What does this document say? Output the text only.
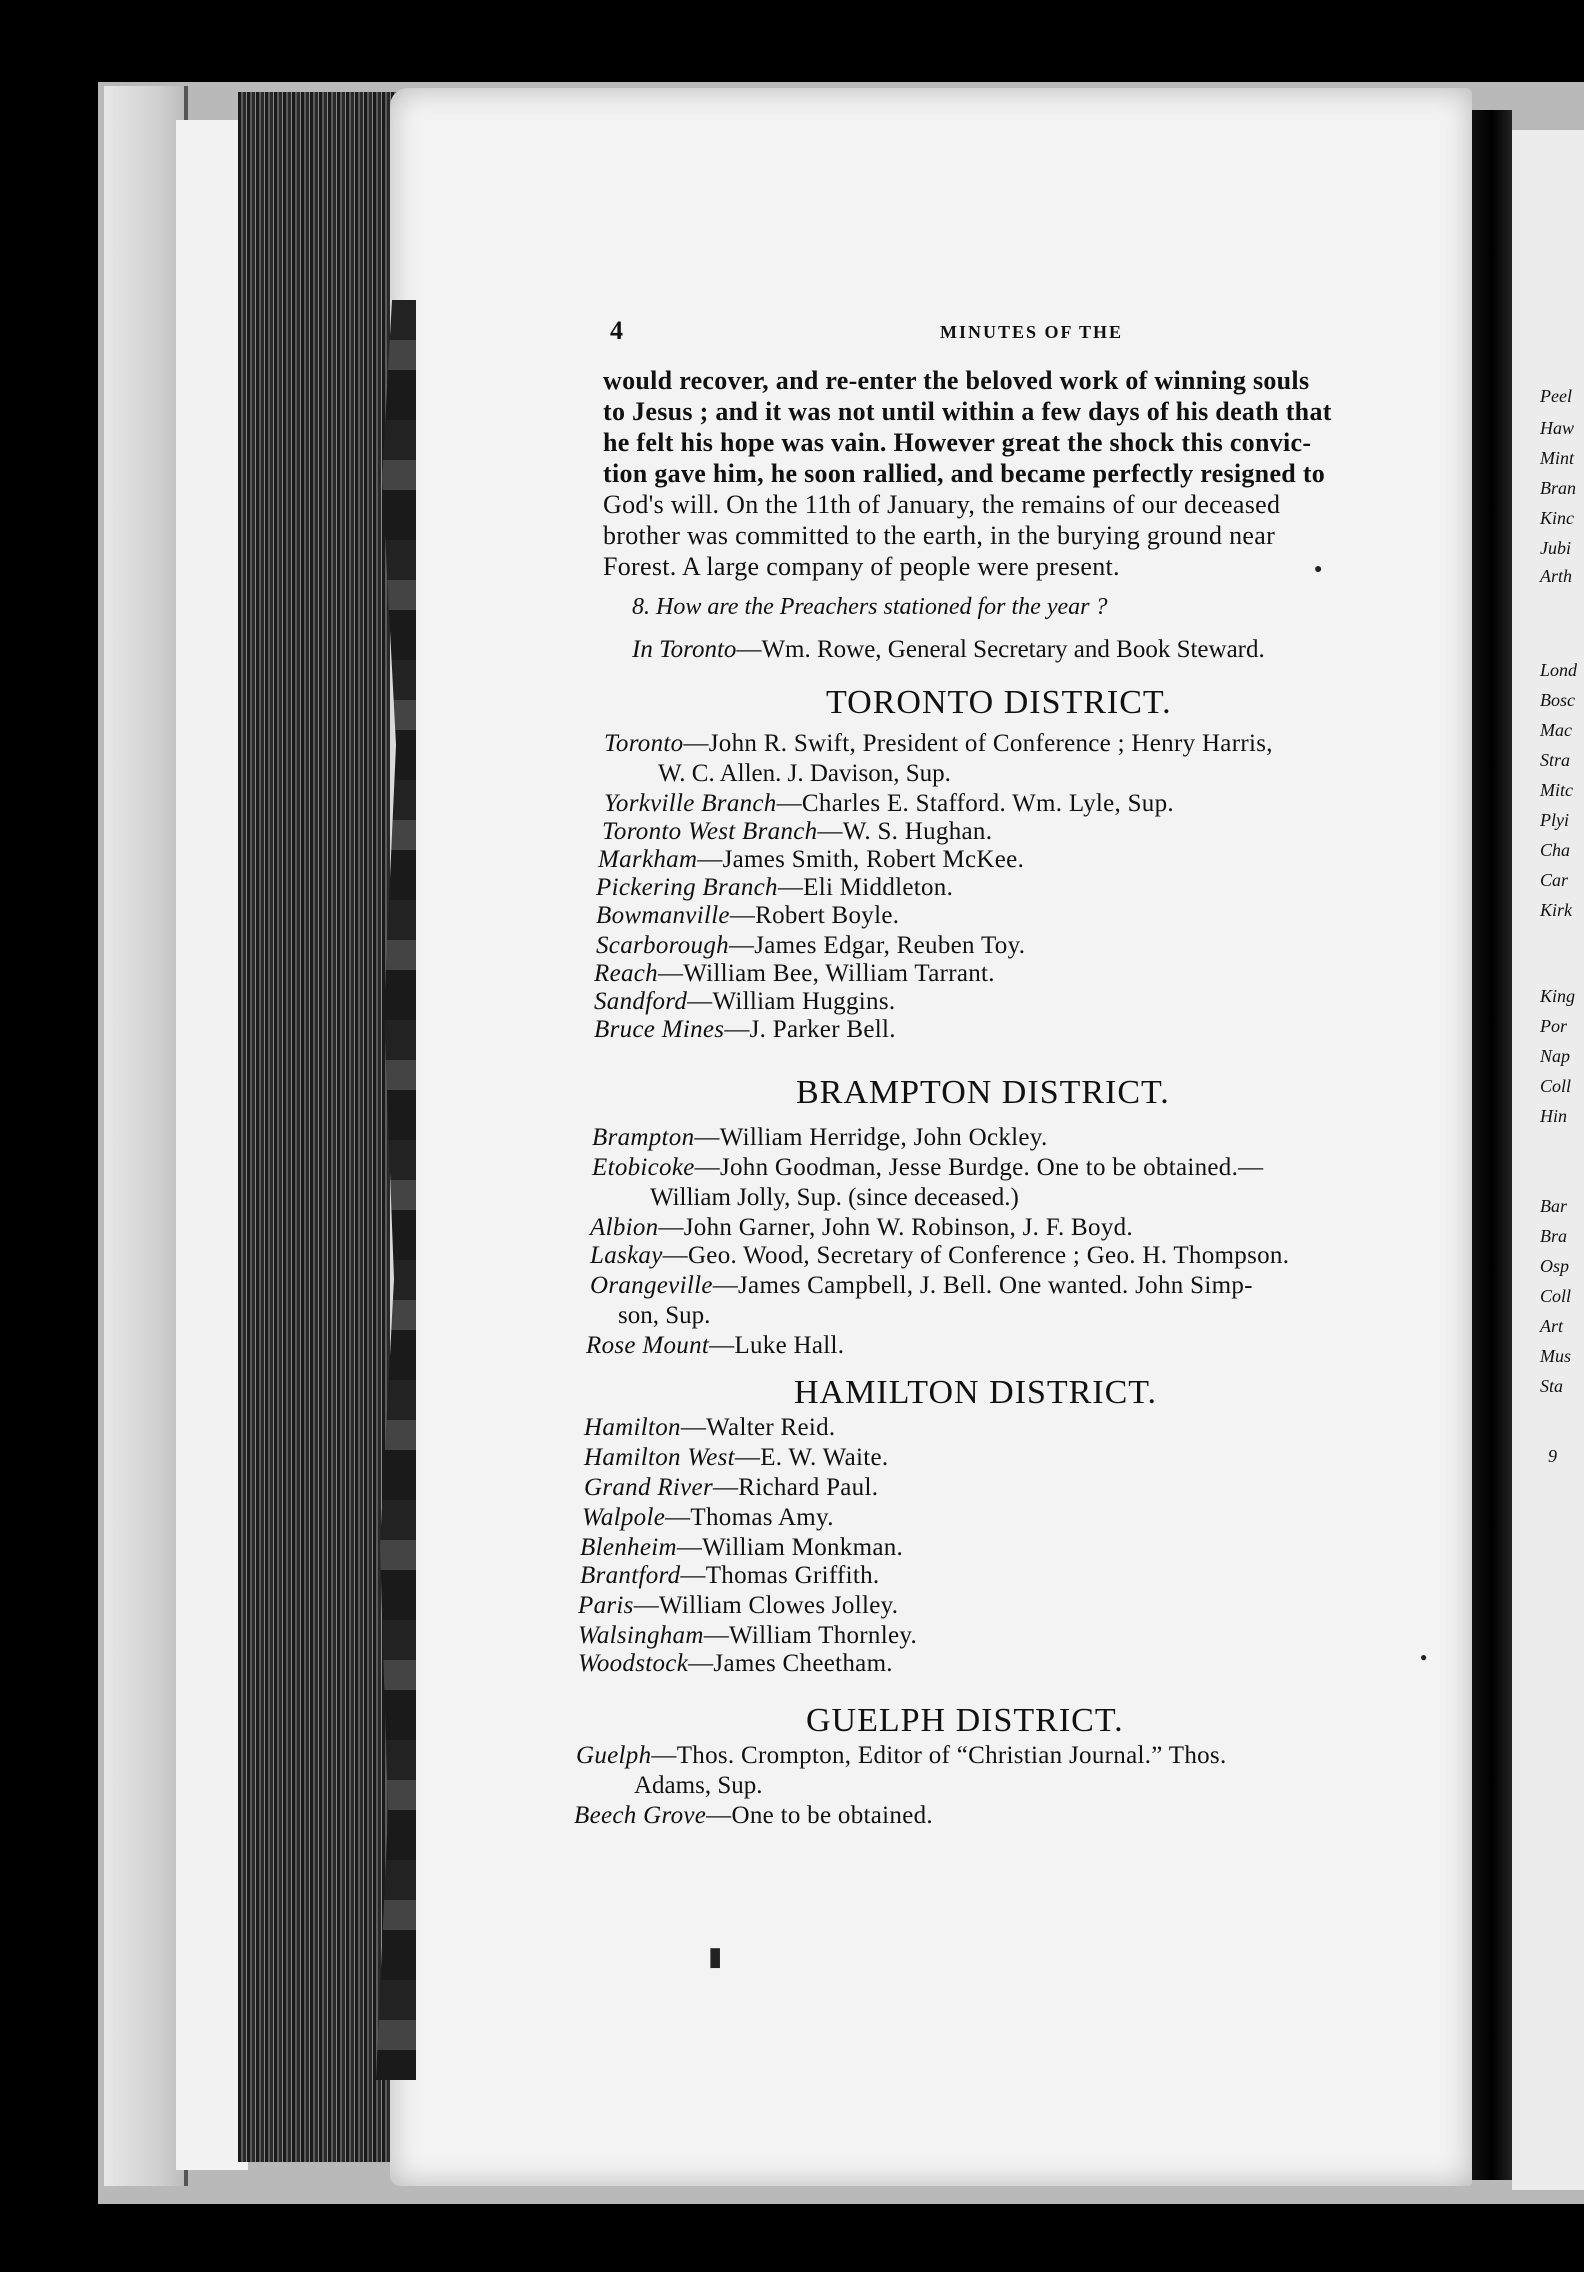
Peel
Haw
Mint
Bran
Kinc
Jubi
Arth
Lond
Bosc
Mac
Stra
Mitc
Plyi
Cha
Car
Kirk
King
Por
Nap
Coll
Hin
Bar
Bra
Osp
Coll
Art
Mus
Sta
9
4	MINUTES OF THE
would recover, and re-enter the beloved work of winning souls
to Jesus ; and it was not until within a few days of his death that
he felt his hope was vain. However great the shock this convic-
tion gave him, he soon rallied, and became perfectly resigned to
God's will. On the 11th of January, the remains of our deceased
brother was committed to the earth, in the burying ground near
Forest. A large company of people were present.
8. How are the Preachers stationed for the year ?
In Toronto—Wm. Rowe, General Secretary and Book Steward.
TORONTO DISTRICT.
Toronto—John R. Swift, President of Conference ; Henry Harris,
W. C. Allen. J. Davison, Sup.
Yorkville Branch—Charles E. Stafford. Wm. Lyle, Sup.
Toronto West Branch—W. S. Hughan.
Markham—James Smith, Robert McKee.
Pickering Branch—Eli Middleton.
Bowmanville—Robert Boyle.
Scarborough—James Edgar, Reuben Toy.
Reach—William Bee, William Tarrant.
Sandford—William Huggins.
Bruce Mines—J. Parker Bell.
BRAMPTON DISTRICT.
Brampton—William Herridge, John Ockley.
Etobicoke—John Goodman, Jesse Burdge. One to be obtained.—
William Jolly, Sup. (since deceased.)
Albion—John Garner, John W. Robinson, J. F. Boyd.
Laskay—Geo. Wood, Secretary of Conference ; Geo. H. Thompson.
Orangeville—James Campbell, J. Bell. One wanted. John Simp-
son, Sup.
Rose Mount—Luke Hall.
HAMILTON DISTRICT.
Hamilton—Walter Reid.
Hamilton West—E. W. Waite.
Grand River—Richard Paul.
Walpole—Thomas Amy.
Blenheim—William Monkman.
Brantford—Thomas Griffith.
Paris—William Clowes Jolley.
Walsingham—William Thornley.
Woodstock—James Cheetham.
GUELPH DISTRICT.
Guelph—Thos. Crompton, Editor of “Christian Journal.” Thos.
Adams, Sup.
Beech Grove—One to be obtained.
▮
●
●
